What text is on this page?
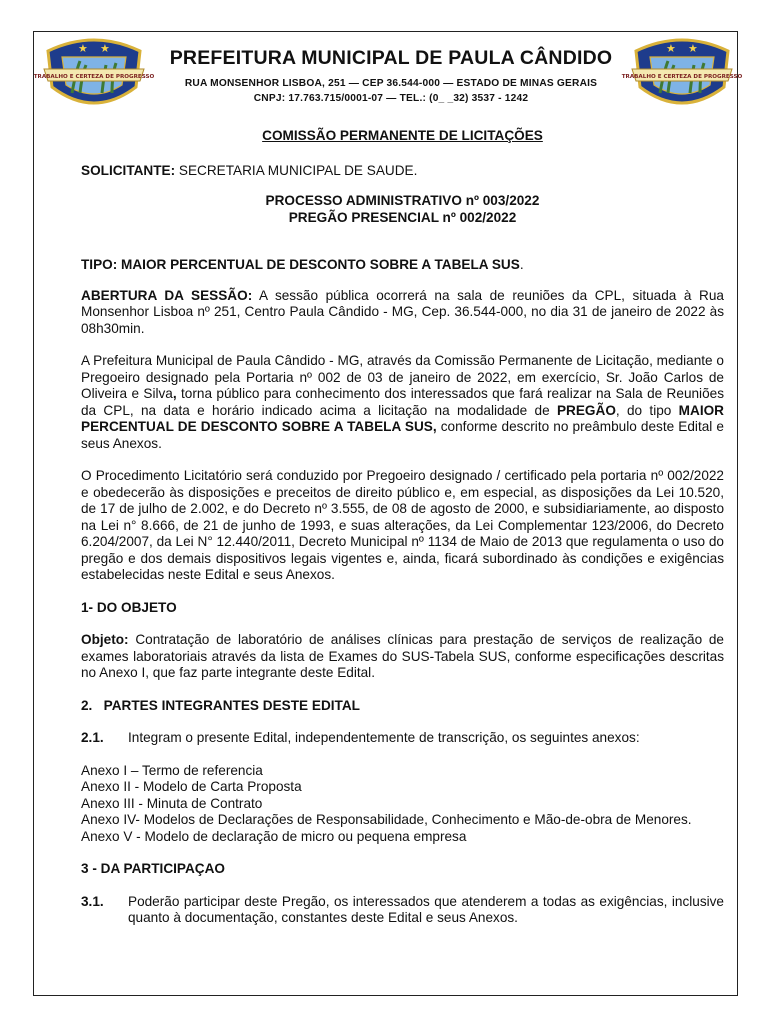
★ ★
TRABALHO E CERTEZA DE PROGRESSO
PREFEITURA MUNICIPAL DE PAULA CÂNDIDO
RUA MONSENHOR LISBOA, 251 — CEP 36.544-000 — ESTADO DE MINAS GERAIS
CNPJ: 17.763.715/0001-07 — TEL.: (0_ _32) 3537 - 1242
★ ★
TRABALHO E CERTEZA DE PROGRESSO

COMISSÃO PERMANENTE DE LICITAÇÕES

SOLICITANTE: SECRETARIA MUNICIPAL DE SAUDE.

PROCESSO ADMINISTRATIVO nº 003/2022

PREGÃO PRESENCIAL nº 002/2022

TIPO: MAIOR PERCENTUAL DE DESCONTO SOBRE A TABELA SUS.

ABERTURA DA SESSÃO: A sessão pública ocorrerá na sala de reuniões da CPL, situada à Rua Monsenhor Lisboa nº 251, Centro Paula Cândido - MG, Cep. 36.544-000, no dia 31 de janeiro de 2022 às 08h30min.

A Prefeitura Municipal de Paula Cândido - MG, através da Comissão Permanente de Licitação, mediante o Pregoeiro designado pela Portaria nº 002 de 03 de janeiro de 2022, em exercício, Sr. João Carlos de Oliveira e Silva, torna público para conhecimento dos interessados que fará realizar na Sala de Reuniões da CPL, na data e horário indicado acima a licitação na modalidade de PREGÃO, do tipo MAIOR PERCENTUAL DE DESCONTO SOBRE A TABELA SUS, conforme descrito no preâmbulo deste Edital e seus Anexos.

O Procedimento Licitatório será conduzido por Pregoeiro designado / certificado pela portaria nº 002/2022 e obedecerão às disposições e preceitos de direito público e, em especial, as disposições da Lei 10.520, de 17 de julho de 2.002, e do Decreto nº 3.555, de 08 de agosto de 2000, e subsidiariamente, ao disposto na Lei n° 8.666, de 21 de junho de 1993, e suas alterações, da Lei Complementar 123/2006, do Decreto 6.204/2007, da Lei N° 12.440/2011, Decreto Municipal nº 1134 de Maio de 2013 que regulamenta o uso do pregão e dos demais dispositivos legais vigentes e, ainda, ficará subordinado às condições e exigências estabelecidas neste Edital e seus Anexos.

1- DO OBJETO

Objeto: Contratação de laboratório de análises clínicas para prestação de serviços de realização de exames laboratoriais através da lista de Exames do SUS-Tabela SUS, conforme especificações descritas no Anexo I, que faz parte integrante deste Edital.

2.   PARTES INTEGRANTES DESTE EDITAL

2.1.	Integram o presente Edital, independentemente de transcrição, os seguintes anexos:

Anexo I – Termo de referencia

Anexo II - Modelo de Carta Proposta

Anexo III - Minuta de Contrato

Anexo IV- Modelos de Declarações de Responsabilidade, Conhecimento e Mão-de-obra de Menores.

Anexo V - Modelo de declaração de micro ou pequena empresa

3 - DA PARTICIPAÇAO

3.1.	Poderão participar deste Pregão, os interessados que atenderem a todas as exigências, inclusive quanto à documentação, constantes deste Edital e seus Anexos.
